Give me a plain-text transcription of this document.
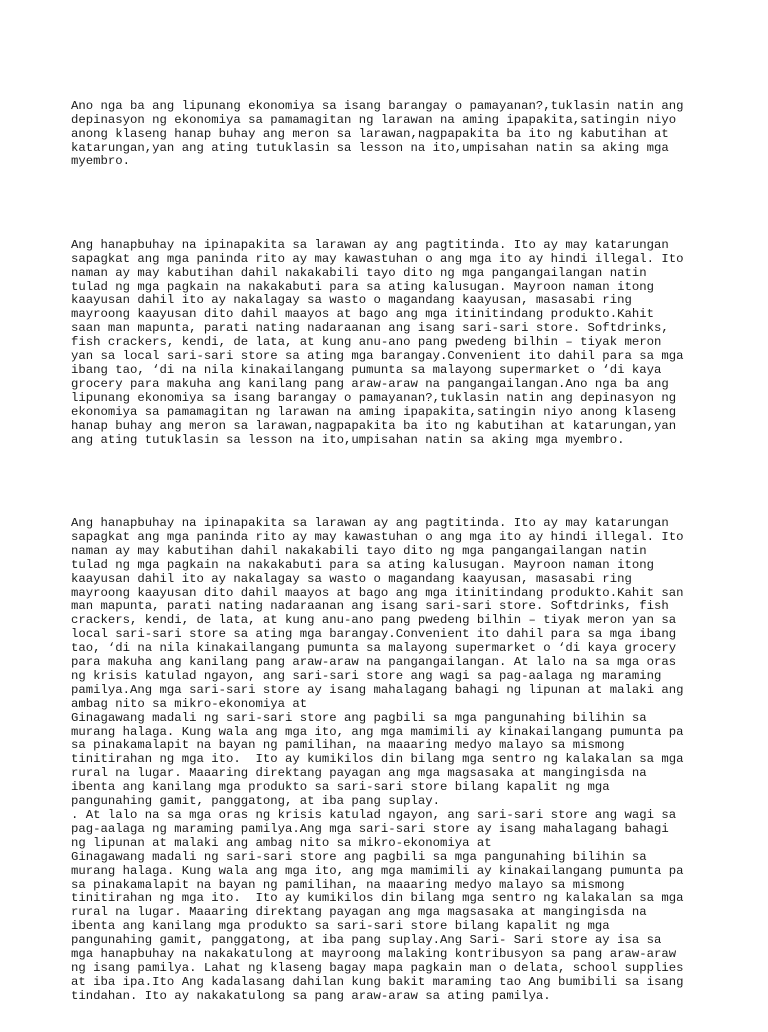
Ano nga ba ang lipunang ekonomiya sa isang barangay o pamayanan?,tuklasin natin ang
depinasyon ng ekonomiya sa pamamagitan ng larawan na aming ipapakita,satingin niyo
anong klaseng hanap buhay ang meron sa larawan,nagpapakita ba ito ng kabutihan at
katarungan,yan ang ating tutuklasin sa lesson na ito,umpisahan natin sa aking mga
myembro.

Ang hanapbuhay na ipinapakita sa larawan ay ang pagtitinda. Ito ay may katarungan
sapagkat ang mga paninda rito ay may kawastuhan o ang mga ito ay hindi illegal. Ito
naman ay may kabutihan dahil nakakabili tayo dito ng mga pangangailangan natin
tulad ng mga pagkain na nakakabuti para sa ating kalusugan. Mayroon naman itong
kaayusan dahil ito ay nakalagay sa wasto o magandang kaayusan, masasabi ring
mayroong kaayusan dito dahil maayos at bago ang mga itinitindang produkto.Kahit
saan man mapunta, parati nating nadaraanan ang isang sari-sari store. Softdrinks,
fish crackers, kendi, de lata, at kung anu-ano pang pwedeng bilhin – tiyak meron
yan sa local sari-sari store sa ating mga barangay.Convenient ito dahil para sa mga
ibang tao, ‘di na nila kinakailangang pumunta sa malayong supermarket o ‘di kaya
grocery para makuha ang kanilang pang araw-araw na pangangailangan.Ano nga ba ang
lipunang ekonomiya sa isang barangay o pamayanan?,tuklasin natin ang depinasyon ng
ekonomiya sa pamamagitan ng larawan na aming ipapakita,satingin niyo anong klaseng
hanap buhay ang meron sa larawan,nagpapakita ba ito ng kabutihan at katarungan,yan
ang ating tutuklasin sa lesson na ito,umpisahan natin sa aking mga myembro.

Ang hanapbuhay na ipinapakita sa larawan ay ang pagtitinda. Ito ay may katarungan
sapagkat ang mga paninda rito ay may kawastuhan o ang mga ito ay hindi illegal. Ito
naman ay may kabutihan dahil nakakabili tayo dito ng mga pangangailangan natin
tulad ng mga pagkain na nakakabuti para sa ating kalusugan. Mayroon naman itong
kaayusan dahil ito ay nakalagay sa wasto o magandang kaayusan, masasabi ring
mayroong kaayusan dito dahil maayos at bago ang mga itinitindang produkto.Kahit san
man mapunta, parati nating nadaraanan ang isang sari-sari store. Softdrinks, fish
crackers, kendi, de lata, at kung anu-ano pang pwedeng bilhin – tiyak meron yan sa
local sari-sari store sa ating mga barangay.Convenient ito dahil para sa mga ibang
tao, ‘di na nila kinakailangang pumunta sa malayong supermarket o ‘di kaya grocery
para makuha ang kanilang pang araw-araw na pangangailangan. At lalo na sa mga oras
ng krisis katulad ngayon, ang sari-sari store ang wagi sa pag-aalaga ng maraming
pamilya.Ang mga sari-sari store ay isang mahalagang bahagi ng lipunan at malaki ang
ambag nito sa mikro-ekonomiya at
Ginagawang madali ng sari-sari store ang pagbili sa mga pangunahing bilihin sa
murang halaga. Kung wala ang mga ito, ang mga mamimili ay kinakailangang pumunta pa
sa pinakamalapit na bayan ng pamilihan, na maaaring medyo malayo sa mismong
tinitirahan ng mga ito.  Ito ay kumikilos din bilang mga sentro ng kalakalan sa mga
rural na lugar. Maaaring direktang payagan ang mga magsasaka at mangingisda na
ibenta ang kanilang mga produkto sa sari-sari store bilang kapalit ng mga
pangunahing gamit, panggatong, at iba pang suplay.
. At lalo na sa mga oras ng krisis katulad ngayon, ang sari-sari store ang wagi sa
pag-aalaga ng maraming pamilya.Ang mga sari-sari store ay isang mahalagang bahagi
ng lipunan at malaki ang ambag nito sa mikro-ekonomiya at
Ginagawang madali ng sari-sari store ang pagbili sa mga pangunahing bilihin sa
murang halaga. Kung wala ang mga ito, ang mga mamimili ay kinakailangang pumunta pa
sa pinakamalapit na bayan ng pamilihan, na maaaring medyo malayo sa mismong
tinitirahan ng mga ito.  Ito ay kumikilos din bilang mga sentro ng kalakalan sa mga
rural na lugar. Maaaring direktang payagan ang mga magsasaka at mangingisda na
ibenta ang kanilang mga produkto sa sari-sari store bilang kapalit ng mga
pangunahing gamit, panggatong, at iba pang suplay.Ang Sari- Sari store ay isa sa
mga hanapbuhay na nakakatulong at mayroong malaking kontribusyon sa pang araw-araw
ng isang pamilya. Lahat ng klaseng bagay mapa pagkain man o delata, school supplies
at iba ipa.Ito Ang kadalasang dahilan kung bakit maraming tao Ang bumibili sa isang
tindahan. Ito ay nakakatulong sa pang araw-araw sa ating pamilya.
